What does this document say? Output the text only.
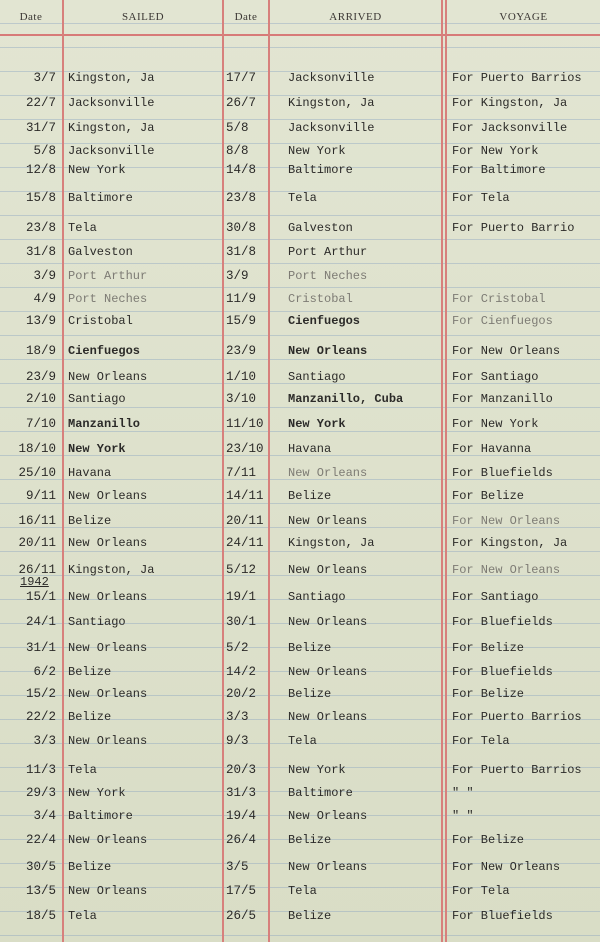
Date	SAILED	Date	ARRIVED	VOYAGE
1942
3/7 Kingston, Ja	17/7	Jacksonville	For Puerto Barrios
22/7 Jacksonville	26/7	Kingston, Ja	For Kingston, Ja
31/7 Kingston, Ja	5/8	Jacksonville	For Jacksonville
5/8 Jacksonville	8/8	New York	For New York
12/8 New York	14/8	Baltimore	For Baltimore
15/8 Baltimore	23/8	Tela	For Tela
23/8 Tela	30/8	Galveston	For Puerto Barrio
31/8 Galveston	31/8	Port Arthur
3/9 Port Arthur	3/9	Port Neches
4/9 Port Neches	11/9	Cristobal	For Cristobal
13/9 Cristobal	15/9	Cienfuegos	For Cienfuegos
18/9 Cienfuegos	23/9	New Orleans	For New Orleans
23/9 New Orleans	1/10	Santiago	For Santiago
2/10 Santiago	3/10	Manzanillo, Cuba	For Manzanillo
7/10 Manzanillo	11/10	New York	For New York
18/10 New York	23/10	Havana	For Havanna
25/10 Havana	7/11	New Orleans	For Bluefields
9/11 New Orleans	14/11	Belize	For Belize
16/11 Belize	20/11	New Orleans	For New Orleans
20/11 New Orleans	24/11	Kingston, Ja	For Kingston, Ja
26/11 Kingston, Ja	5/12	New Orleans	For New Orleans
15/1 New Orleans	19/1	Santiago	For Santiago
24/1 Santiago	30/1	New Orleans	For Bluefields
31/1 New Orleans	5/2	Belize	For Belize
6/2 Belize	14/2	New Orleans	For Bluefields
15/2 New Orleans	20/2	Belize	For Belize
22/2 Belize	3/3	New Orleans	For Puerto Barrios
3/3 New Orleans	9/3	Tela	For Tela
11/3 Tela	20/3	New York	For Puerto Barrios
29/3 New York	31/3	Baltimore	" "
3/4 Baltimore	19/4	New Orleans	" "
22/4 New Orleans	26/4	Belize	For Belize
30/5 Belize	3/5	New Orleans	For New Orleans
13/5 New Orleans	17/5	Tela	For Tela
18/5 Tela	26/5	Belize	For Bluefields
